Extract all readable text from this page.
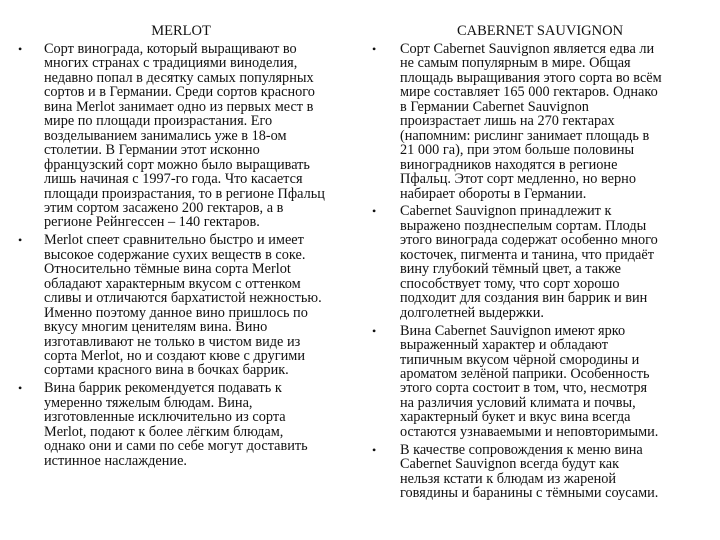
MERLOT
• Сорт винограда, который выращивают во
многих странах с традициями виноделия,
недавно попал в десятку самых популярных
сортов и в Германии. Среди сортов красного
вина Merlot занимает одно из первых мест в
мире по площади произрастания. Его
возделыванием занимались уже в 18-ом
столетии. В Германии этот исконно
французский сорт можно было выращивать
лишь начиная с 1997-го года. Что касается
площади произрастания, то в регионе Пфальц
этим сортом засажено 200 гектаров, а в
регионе Рейнгессен – 140 гектаров.
• Merlot спеет сравнительно быстро и имеет
высокое содержание сухих веществ в соке.
Относительно тёмные вина сорта Merlot
обладают характерным вкусом с оттенком
сливы и отличаются бархатистой нежностью.
Именно поэтому данное вино пришлось по
вкусу многим ценителям вина. Вино
изготавливают не только в чистом виде из
сорта Merlot, но и создают кюве с другими
сортами красного вина в бочках баррик.
• Вина баррик рекомендуется подавать к
умеренно тяжелым блюдам. Вина,
изготовленные исключительно из сорта
Merlot, подают к более лёгким блюдам,
однако они и сами по себе могут доставить
истинное наслаждение.
CABERNET SAUVIGNON
• Сорт Cabernet Sauvignon является едва ли
не самым популярным в мире. Общая
площадь выращивания этого сорта во всём
мире составляет 165 000 гектаров. Однако
в Германии Cabernet Sauvignon
произрастает лишь на 270 гектарах
(напомним: рислинг занимает площадь в
21 000 га), при этом больше половины
виноградников находятся в регионе
Пфальц. Этот сорт медленно, но верно
набирает обороты в Германии.
• Cabernet Sauvignon принадлежит к
выражено позднеспелым сортам. Плоды
этого винограда содержат особенно много
косточек, пигмента и танина, что придаёт
вину глубокий тёмный цвет, а также
способствует тому, что сорт хорошо
подходит для создания вин баррик и вин
долголетней выдержки.
• Вина Cabernet Sauvignon имеют ярко
выраженный характер и обладают
типичным вкусом чёрной смородины и
ароматом зелёной паприки. Особенность
этого сорта состоит в том, что, несмотря
на различия условий климата и почвы,
характерный букет и вкус вина всегда
остаются узнаваемыми и неповторимыми.
• В качестве сопровождения к меню вина
Cabernet Sauvignon всегда будут как
нельзя кстати к блюдам из жареной
говядины и баранины с тёмными соусами.
